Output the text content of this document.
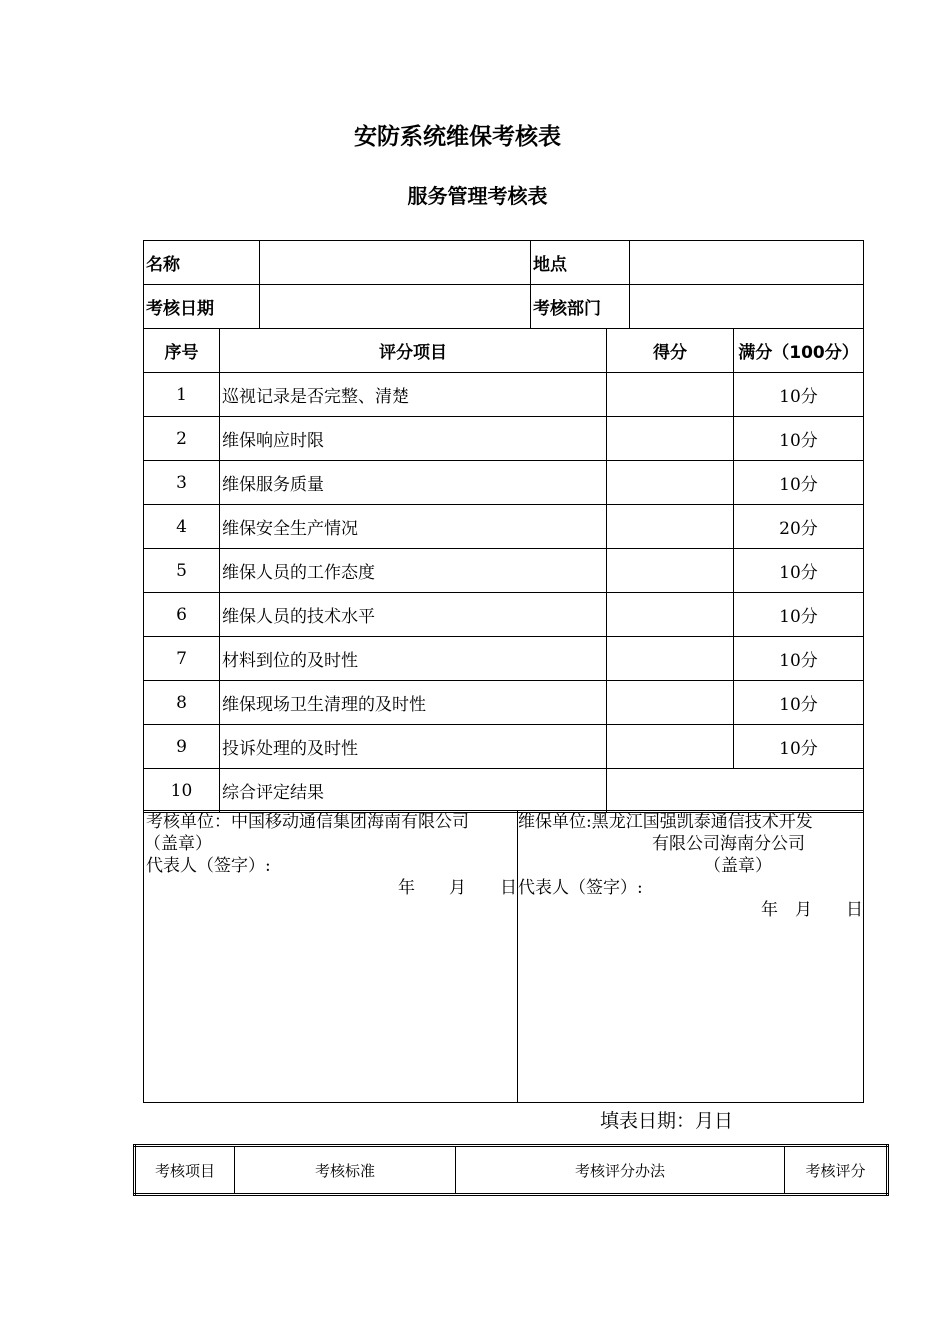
安防系统维保考核表
服务管理考核表
名称		地点	
考核日期		考核部门	
序号	评分项目	得分	满分（100分）
1	巡视记录是否完整、清楚		10分
2	维保响应时限		10分
3	维保服务质量		10分
4	维保安全生产情况		20分
5	维保人员的工作态度		10分
6	维保人员的技术水平		10分
7	材料到位的及时性		10分
8	维保现场卫生清理的及时性		10分
9	投诉处理的及时性		10分
10	综合评定结果		
考核单位：中国移动通信集团海南有限公司
（盖章）
代表人（签字）:
年　　月　　日

维保单位:黑龙江国强凯泰通信技术开发
有限公司海南分公司
（盖章）
代表人（签字）:
年　月　　日
填表日期：月日
考核项目	考核标准	考核评分办法	考核评分
